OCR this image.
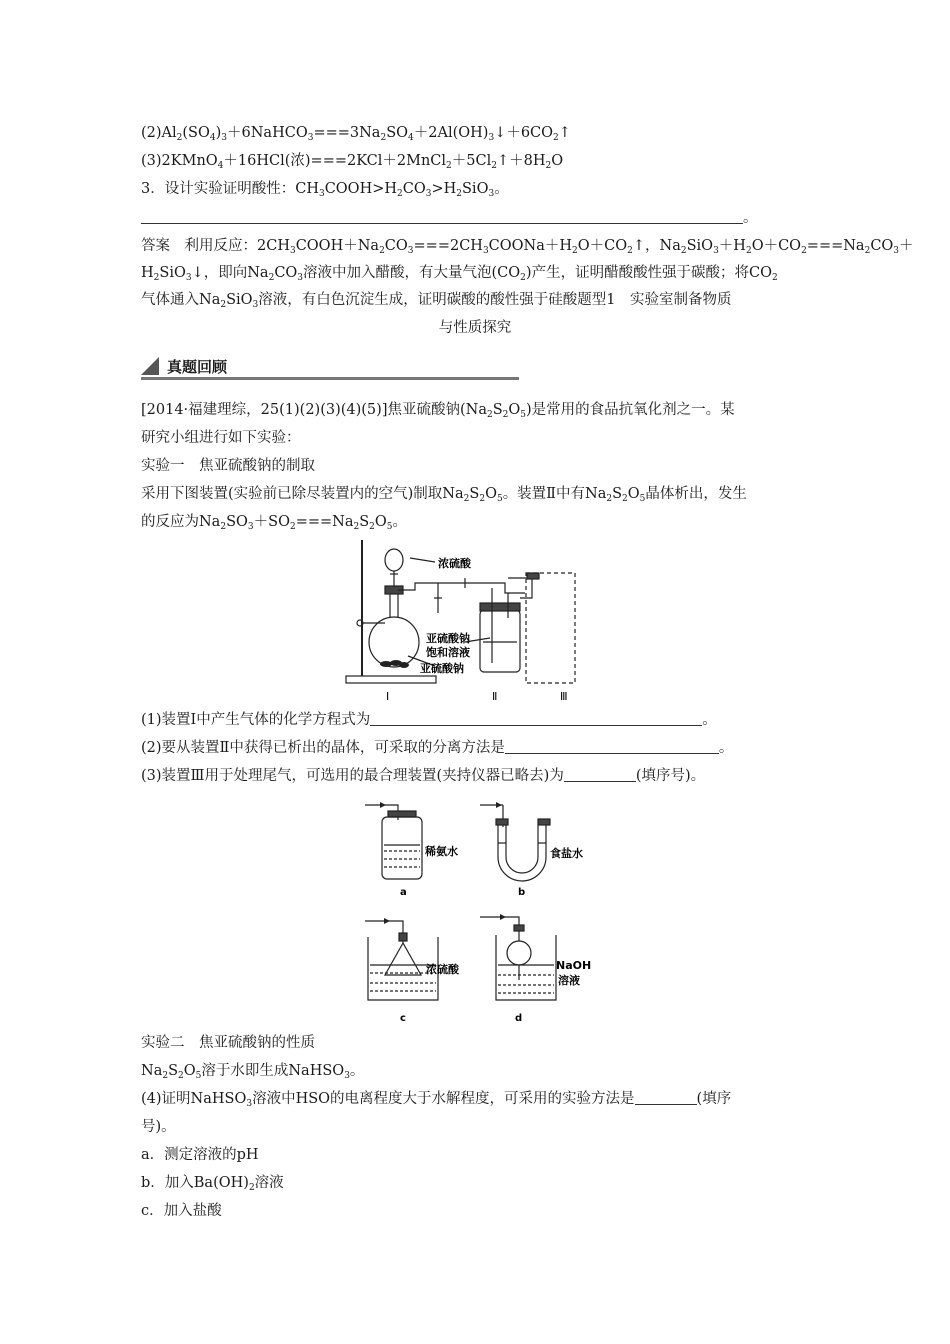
$(2)Al_2(SO_4)_3+6NaHCO_3===3Na_2SO_4+2Al(OH)_3↓+6CO_2↑$
(3)2KMnO$_4$＋16HCl(浓)$===2KCl+2MnCl_2+5Cl_2↑+8H_2O$
3．设计实验证明酸性：$CH_3COOH>H_2CO_3>H_2SiO_3$。
。
答案　利用反应：$2CH_3COOH+Na_2CO_3===2CH_3COONa+H_2O+CO_2↑$，$Na_2SiO_3+H_2O+CO_2===Na_2CO_3+$
$H_2SiO_3↓$，即向$Na_2CO_3$溶液中加入醋酸，有大量气泡$(CO_2)$产生，证明醋酸酸性强于碳酸；将$CO_2$
气体通入$Na_2SiO_3$溶液，有白色沉淀生成，证明碳酸的酸性强于硅酸题型1　实验室制备物质
与性质探究
真题回顾
[2014·福建理综，25(1)(2)(3)(4)(5)]焦亚硫酸钠$(Na_2S_2O_5)$是常用的食品抗氧化剂之一。某
研究小组进行如下实验：
实验一　焦亚硫酸钠的制取
采用下图装置(实验前已除尽装置内的空气)制取$Na_2S_2O_5$。装置Ⅱ中有$Na_2S_2O_5$晶体析出，发生
的反应为$Na_2SO_3+SO_2===Na_2S_2O_5$。
浓硫酸
亚硫酸钠
饱和溶液
亚硫酸钠
Ⅰ	Ⅱ	Ⅲ
(1)装置Ⅰ中产生气体的化学方程式为	。
(2)要从装置Ⅱ中获得已析出的晶体，可采取的分离方法是	。
(3)装置Ⅲ用于处理尾气，可选用的最合理装置(夹持仪器已略去)为	(填序号)。
稀氨水
a
食盐水
b
浓硫酸
c
NaOH
溶液
d
实验二　焦亚硫酸钠的性质
$Na_2S_2O_5$溶于水即生成NaHSO$_3$。
(4)证明NaHSO$_3$溶液中HSO的电离程度大于水解程度，可采用的实验方法是	(填序
号)。
a．测定溶液的pH
b．加入$Ba(OH)_2$溶液
c．加入盐酸
